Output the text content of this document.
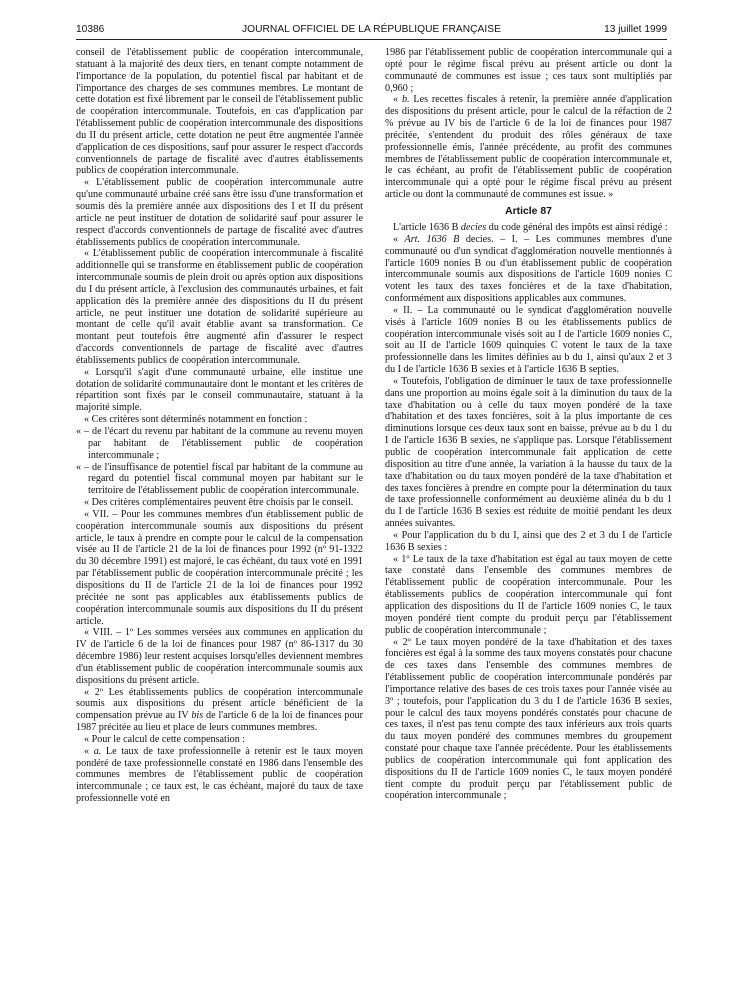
10386	JOURNAL OFFICIEL DE LA RÉPUBLIQUE FRANÇAISE	13 juillet 1999

conseil de l'établissement public de coopération intercommunale, statuant à la majorité des deux tiers, en tenant compte notamment de l'importance de la population, du potentiel fiscal par habitant et de l'importance des charges de ses communes membres. Le montant de cette dotation est fixé librement par le conseil de l'établissement public de coopération intercommunale. Toutefois, en cas d'application par l'établissement public de coopération intercommunale des dispositions du II du présent article, cette dotation ne peut être augmentée l'année d'application de ces dispositions, sauf pour assurer le respect d'accords conventionnels de partage de fiscalité avec d'autres établissements publics de coopération intercommunale.

« L'établissement public de coopération intercommunale autre qu'une communauté urbaine créé sans être issu d'une transformation et soumis dès la première année aux dispositions des I et II du présent article ne peut instituer de dotation de solidarité sauf pour assurer le respect d'accords conventionnels de partage de fiscalité avec d'autres établissements publics de coopération intercommunale.

« L'établissement public de coopération intercommunale à fiscalité additionnelle qui se transforme en établissement public de coopération intercommunale soumis de plein droit ou après option aux dispositions du I du présent article, à l'exclusion des communautés urbaines, et fait application dès la première année des dispositions du II du présent article, ne peut instituer une dotation de solidarité supérieure au montant de celle qu'il avait établie avant sa transformation. Ce montant peut toutefois être augmenté afin d'assurer le respect d'accords conventionnels de partage de fiscalité avec d'autres établissements publics de coopération intercommunale.

« Lorsqu'il s'agit d'une communauté urbaine, elle institue une dotation de solidarité communautaire dont le montant et les critères de répartition sont fixés par le conseil communautaire, statuant à la majorité simple.

« Ces critères sont déterminés notamment en fonction :

« – de l'écart du revenu par habitant de la commune au revenu moyen par habitant de l'établissement public de coopération intercommunale ;

« – de l'insuffisance de potentiel fiscal par habitant de la commune au regard du potentiel fiscal communal moyen par habitant sur le territoire de l'établissement public de coopération intercommunale.

« Des critères complémentaires peuvent être choisis par le conseil.

« VII. – Pour les communes membres d'un établissement public de coopération intercommunale soumis aux dispositions du présent article, le taux à prendre en compte pour le calcul de la compensation visée au II de l'article 21 de la loi de finances pour 1992 (nº 91-1322 du 30 décembre 1991) est majoré, le cas échéant, du taux voté en 1991 par l'établissement public de coopération intercommunale précité ; les dispositions du II de l'article 21 de la loi de finances pour 1992 précitée ne sont pas applicables aux établissements publics de coopération intercommunale soumis aux dispositions du II du présent article.

« VIII. – 1º Les sommes versées aux communes en application du IV de l'article 6 de la loi de finances pour 1987 (nº 86-1317 du 30 décembre 1986) leur restent acquises lorsqu'elles deviennent membres d'un établissement public de coopération intercommunale soumis aux dispositions du présent article.

« 2º Les établissements publics de coopération intercommunale soumis aux dispositions du présent article bénéficient de la compensation prévue au IV bis de l'article 6 de la loi de finances pour 1987 précitée au lieu et place de leurs communes membres.

« Pour le calcul de cette compensation :

« a. Le taux de taxe professionnelle à retenir est le taux moyen pondéré de taxe professionnelle constaté en 1986 dans l'ensemble des communes membres de l'établissement public de coopération intercommunale ; ce taux est, le cas échéant, majoré du taux de taxe professionnelle voté en

1986 par l'établissement public de coopération intercommunale qui a opté pour le régime fiscal prévu au présent article ou dont la communauté de communes est issue ; ces taux sont multipliés par 0,960 ;

« b. Les recettes fiscales à retenir, la première année d'application des dispositions du présent article, pour le calcul de la réfaction de 2 % prévue au IV bis de l'article 6 de la loi de finances pour 1987 précitée, s'entendent du produit des rôles généraux de taxe professionnelle émis, l'année précédente, au profit des communes membres de l'établissement public de coopération intercommunale et, le cas échéant, au profit de l'établissement public de coopération intercommunale qui a opté pour le régime fiscal prévu au présent article ou dont la communauté de communes est issue. »

Article 87

L'article 1636 B decies du code général des impôts est ainsi rédigé :

« Art. 1636 B decies. – I. – Les communes membres d'une communauté ou d'un syndicat d'agglomération nouvelle mentionnés à l'article 1609 nonies B ou d'un établissement public de coopération intercommunale soumis aux dispositions de l'article 1609 nonies C votent les taux des taxes foncières et de la taxe d'habitation, conformément aux dispositions applicables aux communes.

« II. – La communauté ou le syndicat d'agglomération nouvelle visés à l'article 1609 nonies B ou les établissements publics de coopération intercommunale visés soit au I de l'article 1609 nonies C, soit au II de l'article 1609 quinquies C votent le taux de la taxe professionnelle dans les limites définies au b du 1, ainsi qu'aux 2 et 3 du I de l'article 1636 B sexies et à l'article 1636 B septies.

« Toutefois, l'obligation de diminuer le taux de taxe professionnelle dans une proportion au moins égale soit à la diminution du taux de la taxe d'habitation ou à celle du taux moyen pondéré de la taxe d'habitation et des taxes foncières, soit à la plus importante de ces diminutions lorsque ces deux taux sont en baisse, prévue au b du 1 du I de l'article 1636 B sexies, ne s'applique pas. Lorsque l'établissement public de coopération intercommunale fait application de cette disposition au titre d'une année, la variation à la hausse du taux de la taxe d'habitation ou du taux moyen pondéré de la taxe d'habitation et des taxes foncières à prendre en compte pour la détermination du taux de taxe professionnelle conformément au deuxième alinéa du b du 1 du I de l'article 1636 B sexies est réduite de moitié pendant les deux années suivantes.

« Pour l'application du b du I, ainsi que des 2 et 3 du I de l'article 1636 B sexies :

« 1º Le taux de la taxe d'habitation est égal au taux moyen de cette taxe constaté dans l'ensemble des communes membres de l'établissement public de coopération intercommunale. Pour les établissements publics de coopération intercommunale qui font application des dispositions du II de l'article 1609 nonies C, le taux moyen pondéré tient compte du produit perçu par l'établissement public de coopération intercommunale ;

« 2º Le taux moyen pondéré de la taxe d'habitation et des taxes foncières est égal à la somme des taux moyens constatés pour chacune de ces taxes dans l'ensemble des communes membres de l'établissement public de coopération intercommunale pondérés par l'importance relative des bases de ces trois taxes pour l'année visée au 3º ; toutefois, pour l'application du 3 du I de l'article 1636 B sexies, pour le calcul des taux moyens pondérés constatés pour chacune de ces taxes, il n'est pas tenu compte des taux inférieurs aux trois quarts du taux moyen pondéré des communes membres du groupement constaté pour chaque taxe l'année précédente. Pour les établissements publics de coopération intercommunale qui font application des dispositions du II de l'article 1609 nonies C, le taux moyen pondéré tient compte du produit perçu par l'établissement public de coopération intercommunale ;
